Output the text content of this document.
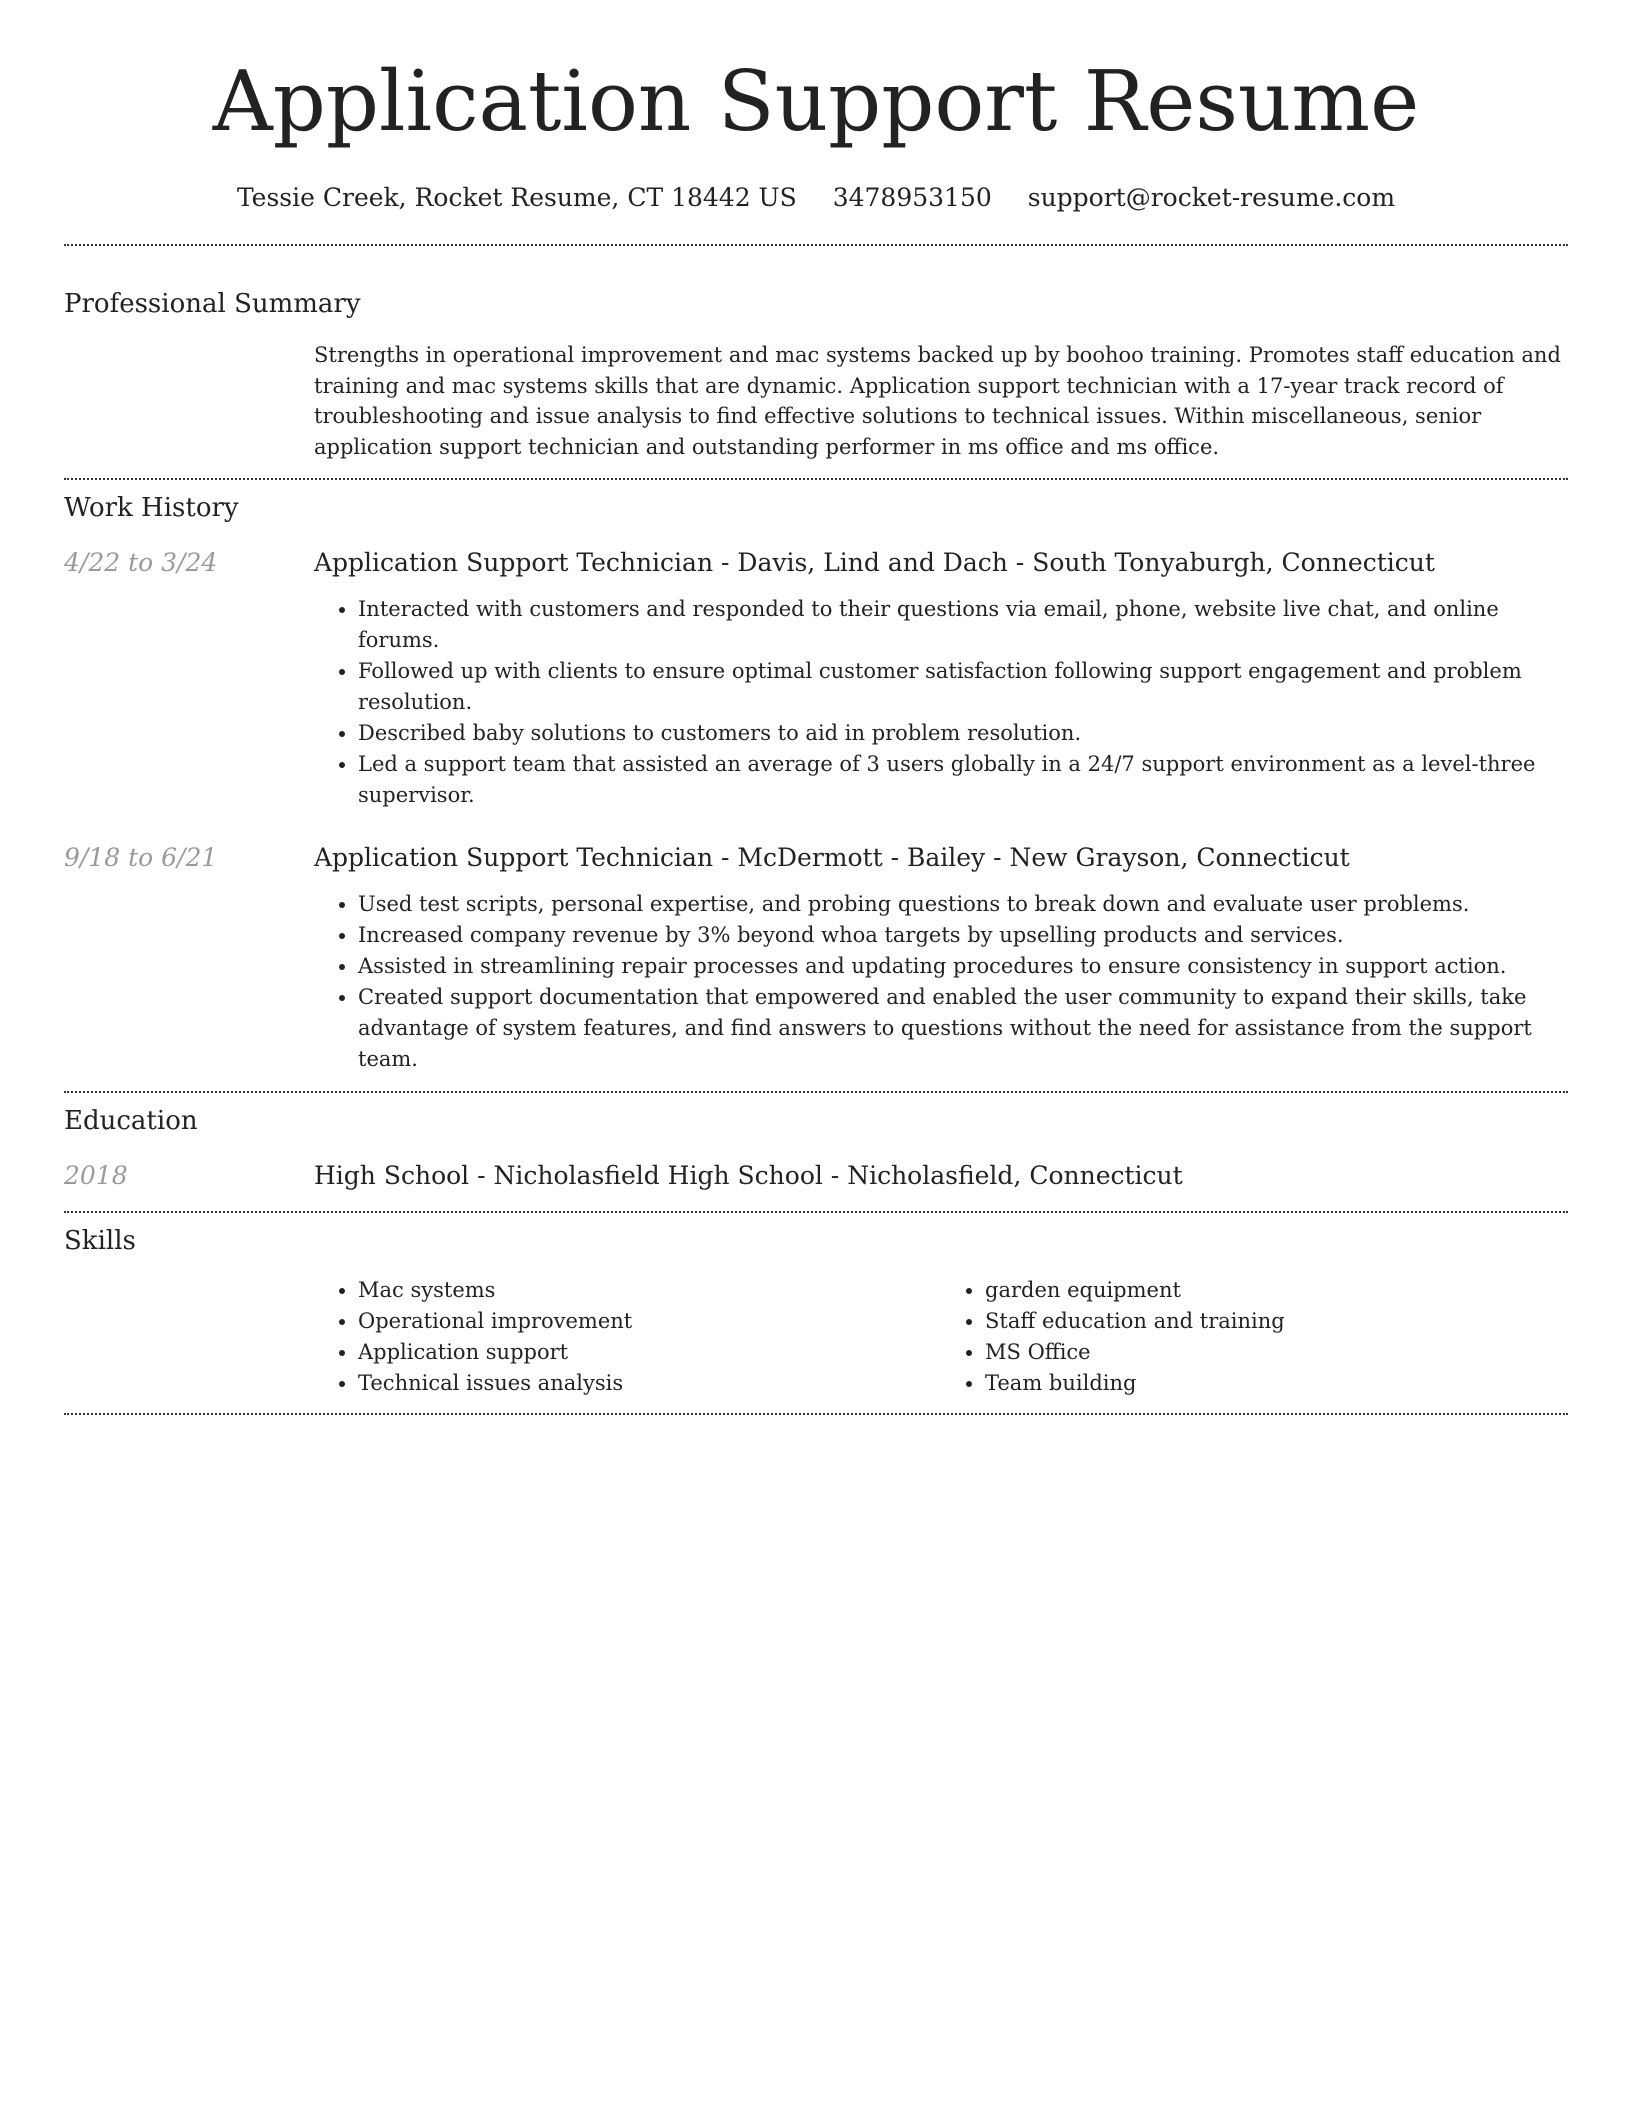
Application Support Resume
Tessie Creek, Rocket Resume, CT 18442 US 3478953150 support@rocket-resume.com
Professional Summary
Strengths in operational improvement and mac systems backed up by boohoo training. Promotes staff education and training and mac systems skills that are dynamic. Application support technician with a 17-year track record of troubleshooting and issue analysis to find effective solutions to technical issues. Within miscellaneous, senior application support technician and outstanding performer in ms office and ms office.
Work History
4/22 to 3/24	Application Support Technician - Davis, Lind and Dach - South Tonyaburgh, Connecticut
• Interacted with customers and responded to their questions via email, phone, website live chat, and online forums.
• Followed up with clients to ensure optimal customer satisfaction following support engagement and problem resolution.
• Described baby solutions to customers to aid in problem resolution.
• Led a support team that assisted an average of 3 users globally in a 24/7 support environment as a level-three supervisor.
9/18 to 6/21	Application Support Technician - McDermott - Bailey - New Grayson, Connecticut
• Used test scripts, personal expertise, and probing questions to break down and evaluate user problems.
• Increased company revenue by 3% beyond whoa targets by upselling products and services.
• Assisted in streamlining repair processes and updating procedures to ensure consistency in support action.
• Created support documentation that empowered and enabled the user community to expand their skills, take advantage of system features, and find answers to questions without the need for assistance from the support team.
Education
2018	High School - Nicholasfield High School - Nicholasfield, Connecticut
Skills
• Mac systems
• Operational improvement
• Application support
• Technical issues analysis
• garden equipment
• Staff education and training
• MS Office
• Team building
